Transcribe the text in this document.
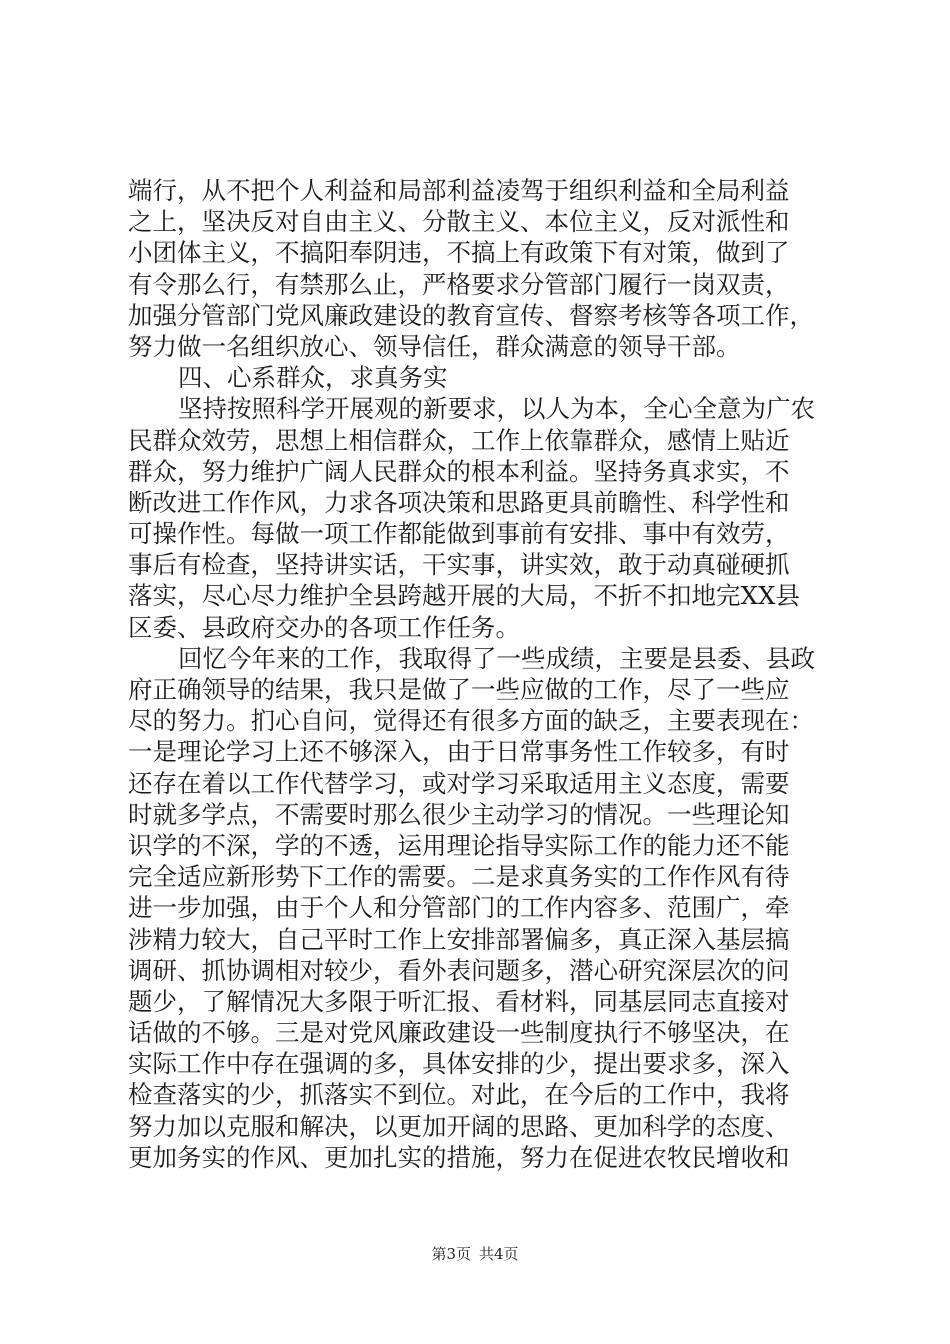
端行，从不把个人利益和局部利益凌驾于组织利益和全局利益
之上，坚决反对自由主义、分散主义、本位主义，反对派性和
小团体主义，不搞阳奉阴违，不搞上有政策下有对策，做到了
有令那么行，有禁那么止，严格要求分管部门履行一岗双责，
加强分管部门党风廉政建设的教育宣传、督察考核等各项工作，
努力做一名组织放心、领导信任，群众满意的领导干部。
四、心系群众，求真务实
坚持按照科学开展观的新要求，以人为本，全心全意为广农
民群众效劳，思想上相信群众，工作上依靠群众，感情上贴近
群众，努力维护广阔人民群众的根本利益。坚持务真求实，不
断改进工作作风，力求各项决策和思路更具前瞻性、科学性和
可操作性。每做一项工作都能做到事前有安排、事中有效劳，
事后有检查，坚持讲实话，干实事，讲实效，敢于动真碰硬抓
落实，尽心尽力维护全县跨越开展的大局，不折不扣地完XX县
区委、县政府交办的各项工作任务。
回忆今年来的工作，我取得了一些成绩，主要是县委、县政
府正确领导的结果，我只是做了一些应做的工作，尽了一些应
尽的努力。扪心自问，觉得还有很多方面的缺乏，主要表现在：
一是理论学习上还不够深入，由于日常事务性工作较多，有时
还存在着以工作代替学习，或对学习采取适用主义态度，需要
时就多学点，不需要时那么很少主动学习的情况。一些理论知
识学的不深，学的不透，运用理论指导实际工作的能力还不能
完全适应新形势下工作的需要。二是求真务实的工作作风有待
进一步加强，由于个人和分管部门的工作内容多、范围广，牵
涉精力较大，自己平时工作上安排部署偏多，真正深入基层搞
调研、抓协调相对较少，看外表问题多，潜心研究深层次的问
题少，了解情况大多限于听汇报、看材料，同基层同志直接对
话做的不够。三是对党风廉政建设一些制度执行不够坚决，在
实际工作中存在强调的多，具体安排的少，提出要求多，深入
检查落实的少，抓落实不到位。对此，在今后的工作中，我将
努力加以克服和解决，以更加开阔的思路、更加科学的态度、
更加务实的作风、更加扎实的措施，努力在促进农牧民增收和
第3页 共4页
